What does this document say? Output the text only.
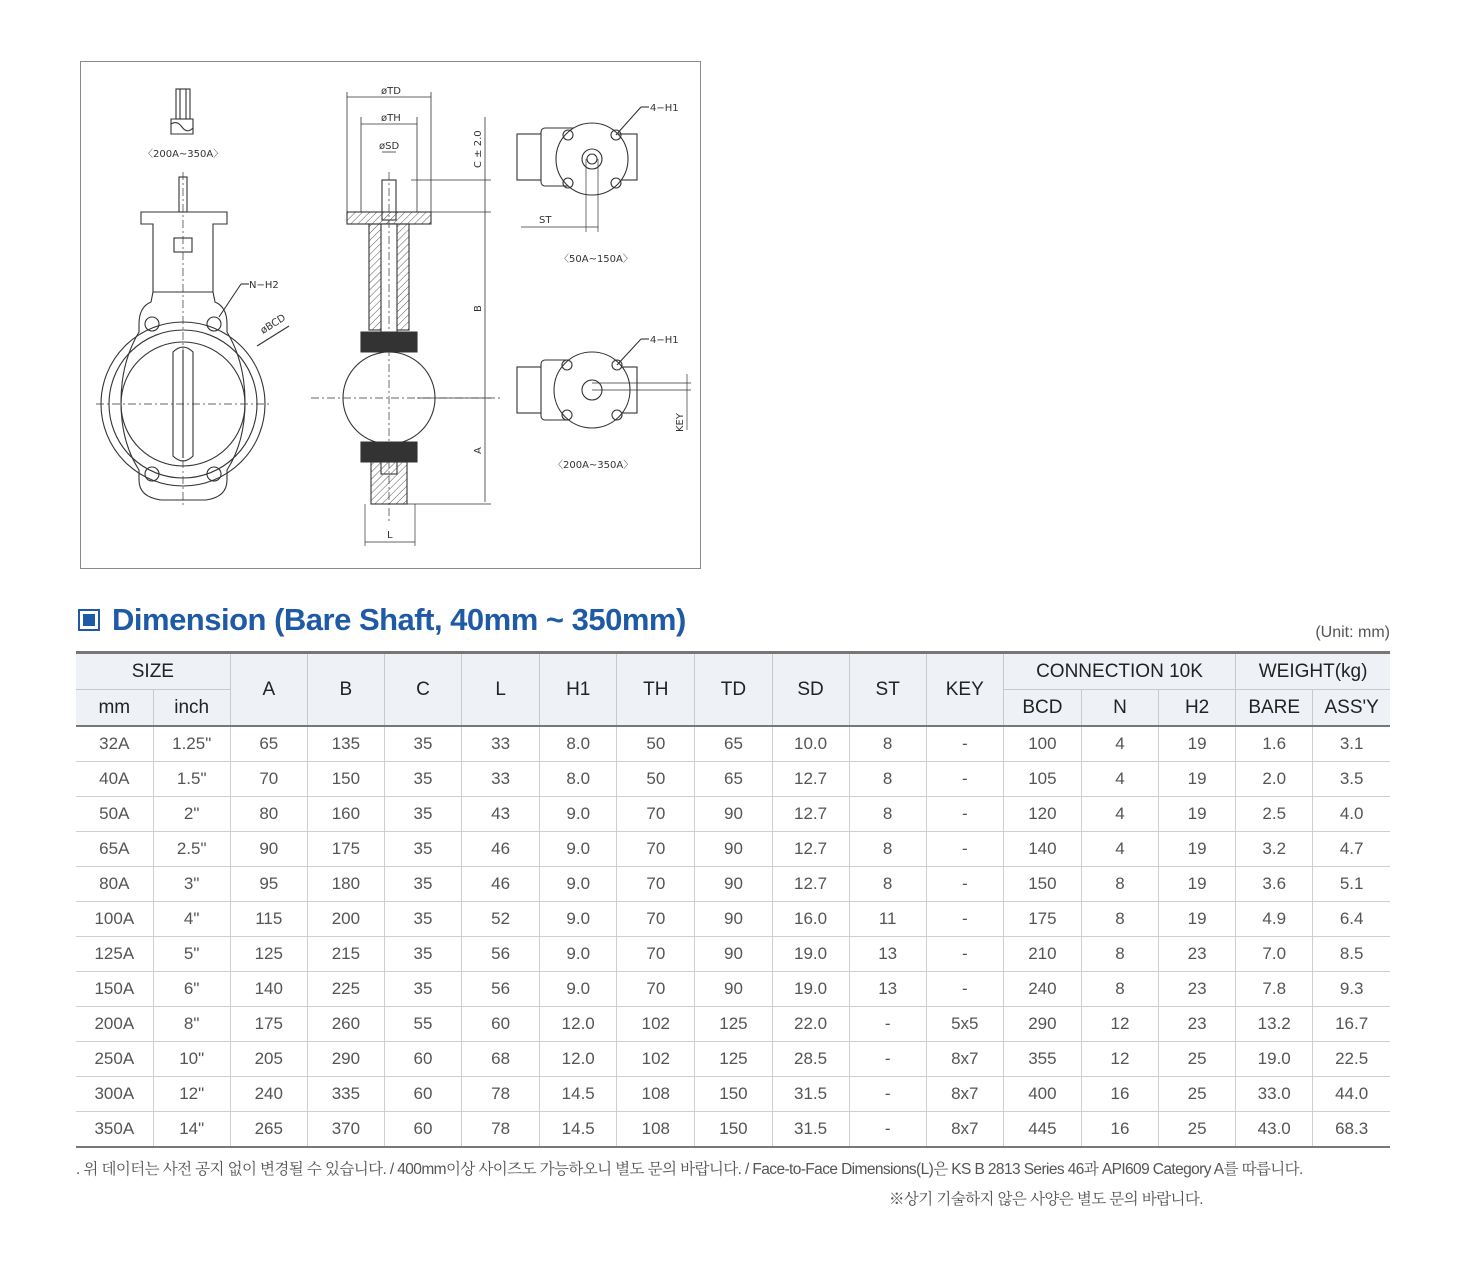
øTD
øTH
øSD	C ± 2.0
B
A
L
ST
KEY
N−H2
øBCD
4−H1
4−H1
〈200A~350A〉
〈50A~150A〉
〈200A~350A〉
Dimension (Bare Shaft, 40mm ~ 350mm)	(Unit: mm)
SIZE		A	B	C	L	H1	TH	TD	SD	ST	KEY	CONNECTION 10K			WEIGHT(kg)	
mm	inch											BCD	N	H2	BARE	ASS'Y
32A	1.25"	65	135	35	33	8.0	50	65	10.0	8	-	100	4	19	1.6	3.1
40A	1.5"	70	150	35	33	8.0	50	65	12.7	8	-	105	4	19	2.0	3.5
50A	2"	80	160	35	43	9.0	70	90	12.7	8	-	120	4	19	2.5	4.0
65A	2.5"	90	175	35	46	9.0	70	90	12.7	8	-	140	4	19	3.2	4.7
80A	3"	95	180	35	46	9.0	70	90	12.7	8	-	150	8	19	3.6	5.1
100A	4"	115	200	35	52	9.0	70	90	16.0	11	-	175	8	19	4.9	6.4
125A	5"	125	215	35	56	9.0	70	90	19.0	13	-	210	8	23	7.0	8.5
150A	6"	140	225	35	56	9.0	70	90	19.0	13	-	240	8	23	7.8	9.3
200A	8"	175	260	55	60	12.0	102	125	22.0	-	5x5	290	12	23	13.2	16.7
250A	10"	205	290	60	68	12.0	102	125	28.5	-	8x7	355	12	25	19.0	22.5
300A	12"	240	335	60	78	14.5	108	150	31.5	-	8x7	400	16	25	33.0	44.0
350A	14"	265	370	60	78	14.5	108	150	31.5	-	8x7	445	16	25	43.0	68.3
. 위 데이터는 사전 공지 없이 변경될 수 있습니다. / 400mm이상 사이즈도 가능하오니 별도 문의 바랍니다. / Face-to-Face Dimensions(L)은 KS B 2813 Series 46과 API609 Category A를 따릅니다.
※상기 기술하지 않은 사양은 별도 문의 바랍니다.
